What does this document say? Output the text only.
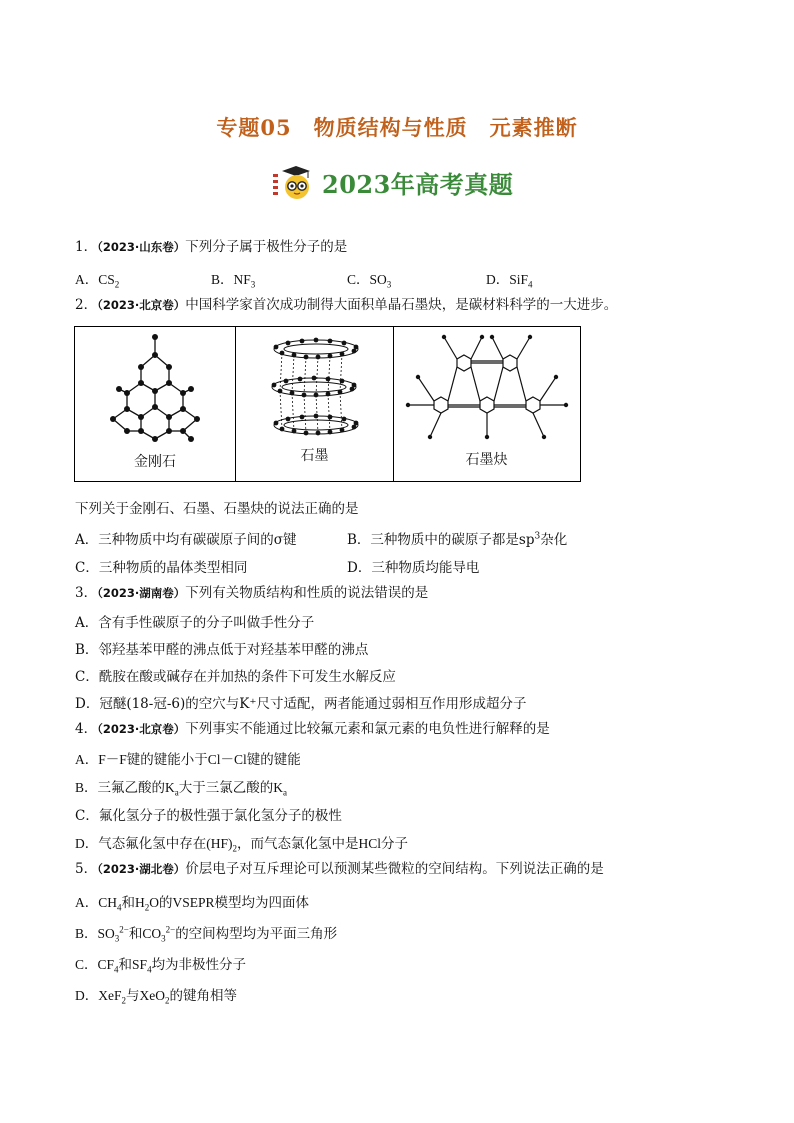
专题05 物质结构与性质 元素推断
2023年高考真题
1．（2023·山东卷）下列分子属于极性分子的是
A．$CS_2$	B．$NF_3$	C．$SO_3$	D．SiF$_4$
2．（2023·北京卷）中国科学家首次成功制得大面积单晶石墨炔，是碳材料科学的一大进步。
金刚石	石墨	石墨炔
下列关于金刚石、石墨、石墨炔的说法正确的是
A．三种物质中均有碳碳原子间的σ键	B．三种物质中的碳原子都是$sp^3$杂化
C．三种物质的晶体类型相同	D．三种物质均能导电
3．（2023·湖南卷）下列有关物质结构和性质的说法错误的是
A．含有手性碳原子的分子叫做手性分子
B．邻羟基苯甲醛的沸点低于对羟基苯甲醛的沸点
C．酰胺在酸或碱存在并加热的条件下可发生水解反应
D．冠醚(18-冠-6)的空穴与K⁺尺寸适配，两者能通过弱相互作用形成超分子
4．（2023·北京卷）下列事实不能通过比较氟元素和氯元素的电负性进行解释的是
A．F－F键的键能小于Cl－Cl键的键能
B．三氟乙酸的$K_a$大于三氯乙酸的$K_a$
C．氟化氢分子的极性强于氯化氢分子的极性
D．气态氟化氢中存在$(HF)_2$，而气态氯化氢中是HCl分子
5．（2023·湖北卷）价层电子对互斥理论可以预测某些微粒的空间结构。下列说法正确的是
A．$CH_4$和$H_2O$的VSEPR模型均为四面体
B．$SO_3^{2-}$和$CO_3^{2-}$的空间构型均为平面三角形
C．$CF_4$和$SF_4$均为非极性分子
D．XeF$_2$与XeO$_2$的键角相等
